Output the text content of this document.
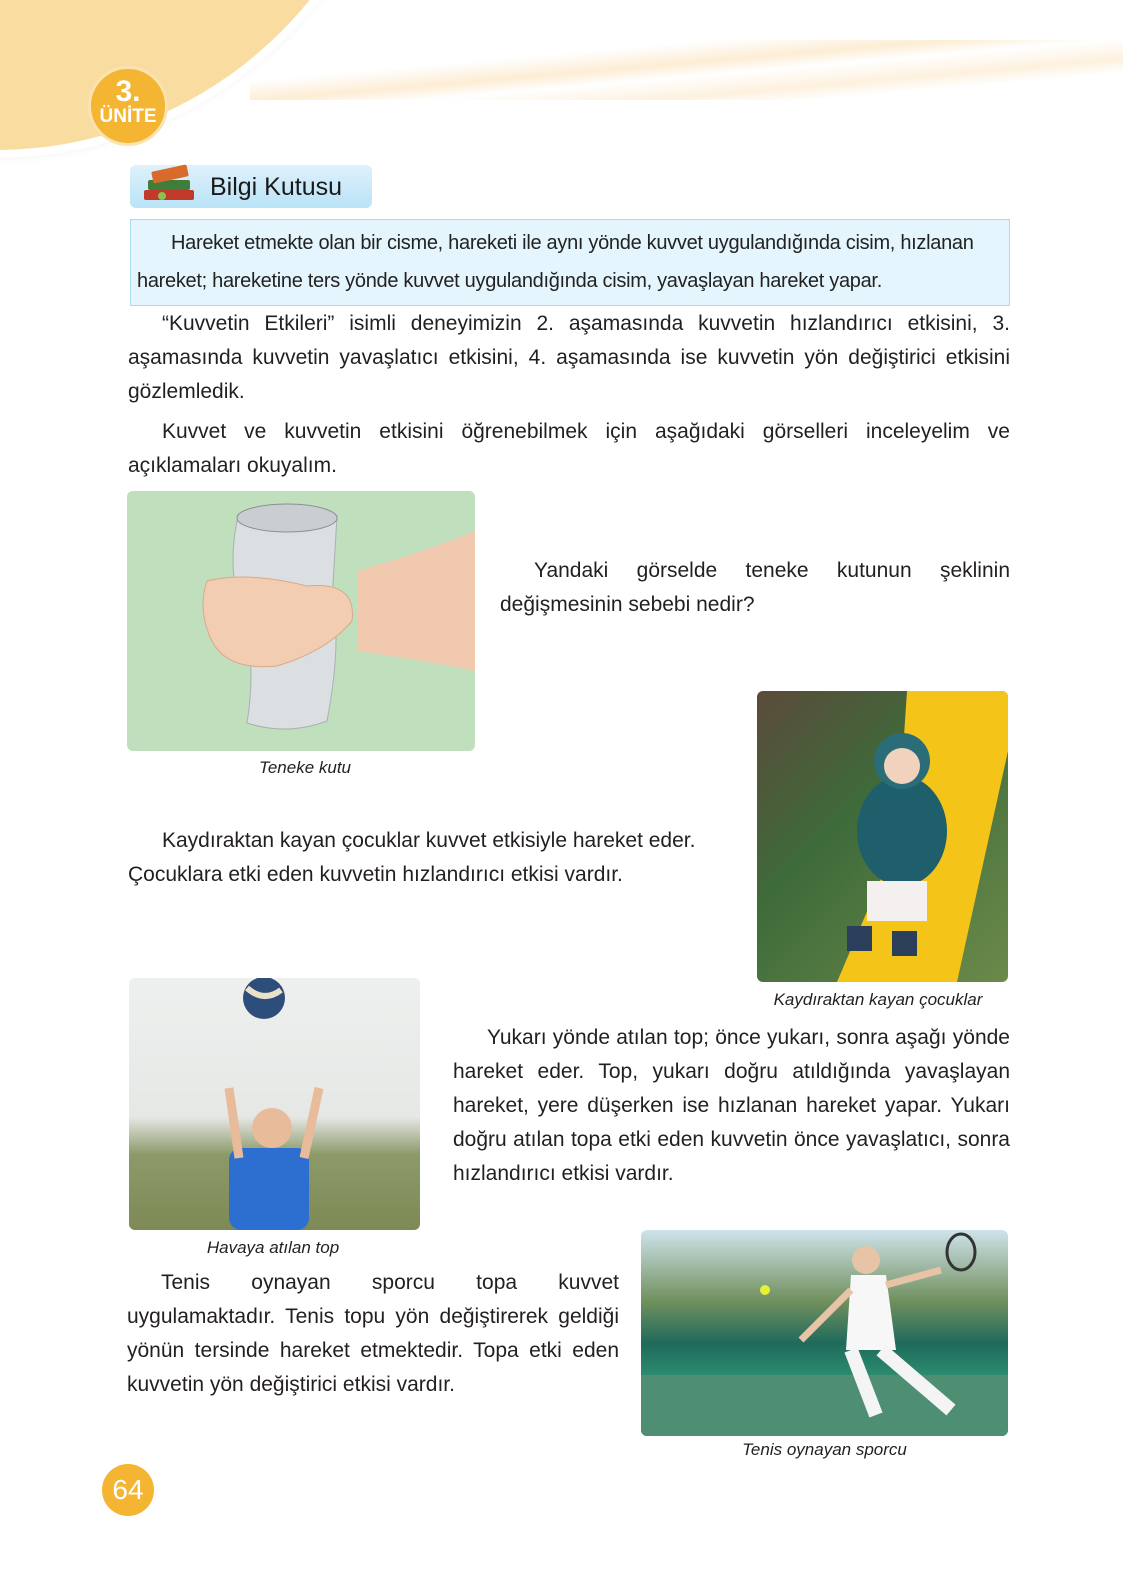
3.
ÜNİTE
Bilgi Kutusu
Hareket etmekte olan bir cisme, hareketi ile aynı yönde kuvvet uygulandığında cisim, hızlanan hareket; hareketine ters yönde kuvvet uygulandığında cisim, yavaşlayan hareket yapar.
“Kuvvetin Etkileri” isimli deneyimizin 2. aşamasında kuvvetin hızlandırıcı etkisini, 3. aşamasında kuvvetin yavaşlatıcı etkisini, 4. aşamasında ise kuvvetin yön değiştirici etkisini gözlemledik.
Kuvvet ve kuvvetin etkisini öğrenebilmek için aşağıdaki görselleri inceleyelim ve açıklamaları okuyalım.
Teneke kutu
Yandaki görselde teneke kutunun şeklinin değişmesinin sebebi nedir?
Kaydıraktan kayan çocuklar
Kaydıraktan kayan çocuklar kuvvet etkisiyle hareket eder. Çocuklara etki eden kuvvetin hızlandırıcı etkisi vardır.
Havaya atılan top
Yukarı yönde atılan top; önce yukarı, sonra aşağı yönde hareket eder. Top, yukarı doğru atıldığında yavaşlayan hareket, yere düşerken ise hızlanan hareket yapar. Yukarı doğru atılan topa etki eden kuvvetin önce yavaşlatıcı, sonra hızlandırıcı etkisi vardır.
Tenis oynayan sporcu
Tenis oynayan sporcu topa kuvvet uygulamaktadır. Tenis topu yön değiştirerek geldiği yönün tersinde hareket etmektedir. Topa etki eden kuvvetin yön değiştirici etkisi vardır.
64
